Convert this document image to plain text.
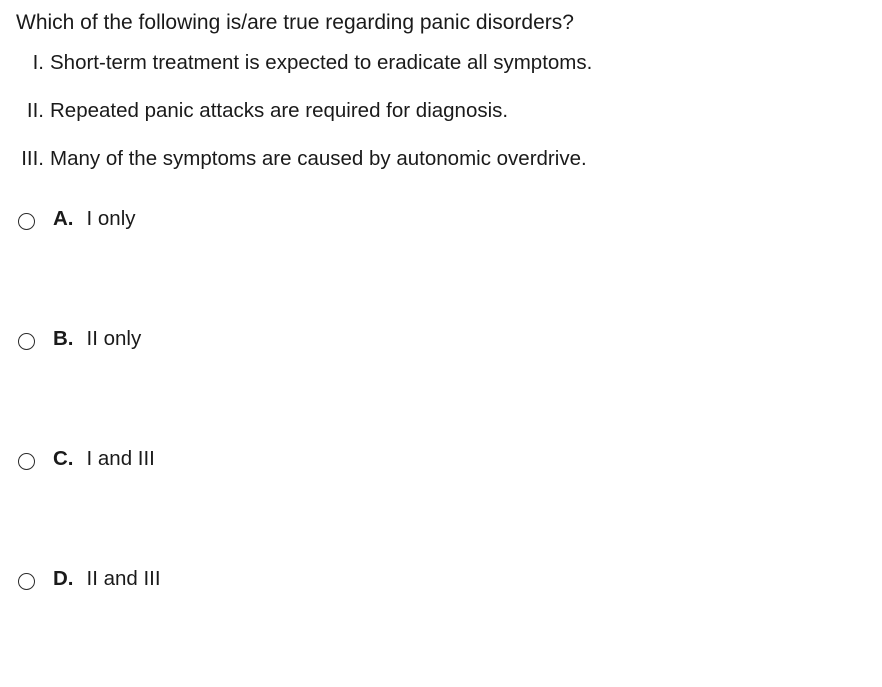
Which of the following is/are true regarding panic disorders?
I. Short-term treatment is expected to eradicate all symptoms.
II. Repeated panic attacks are required for diagnosis.
III. Many of the symptoms are caused by autonomic overdrive.
A. I only
B. II only
C. I and III
D. II and III
